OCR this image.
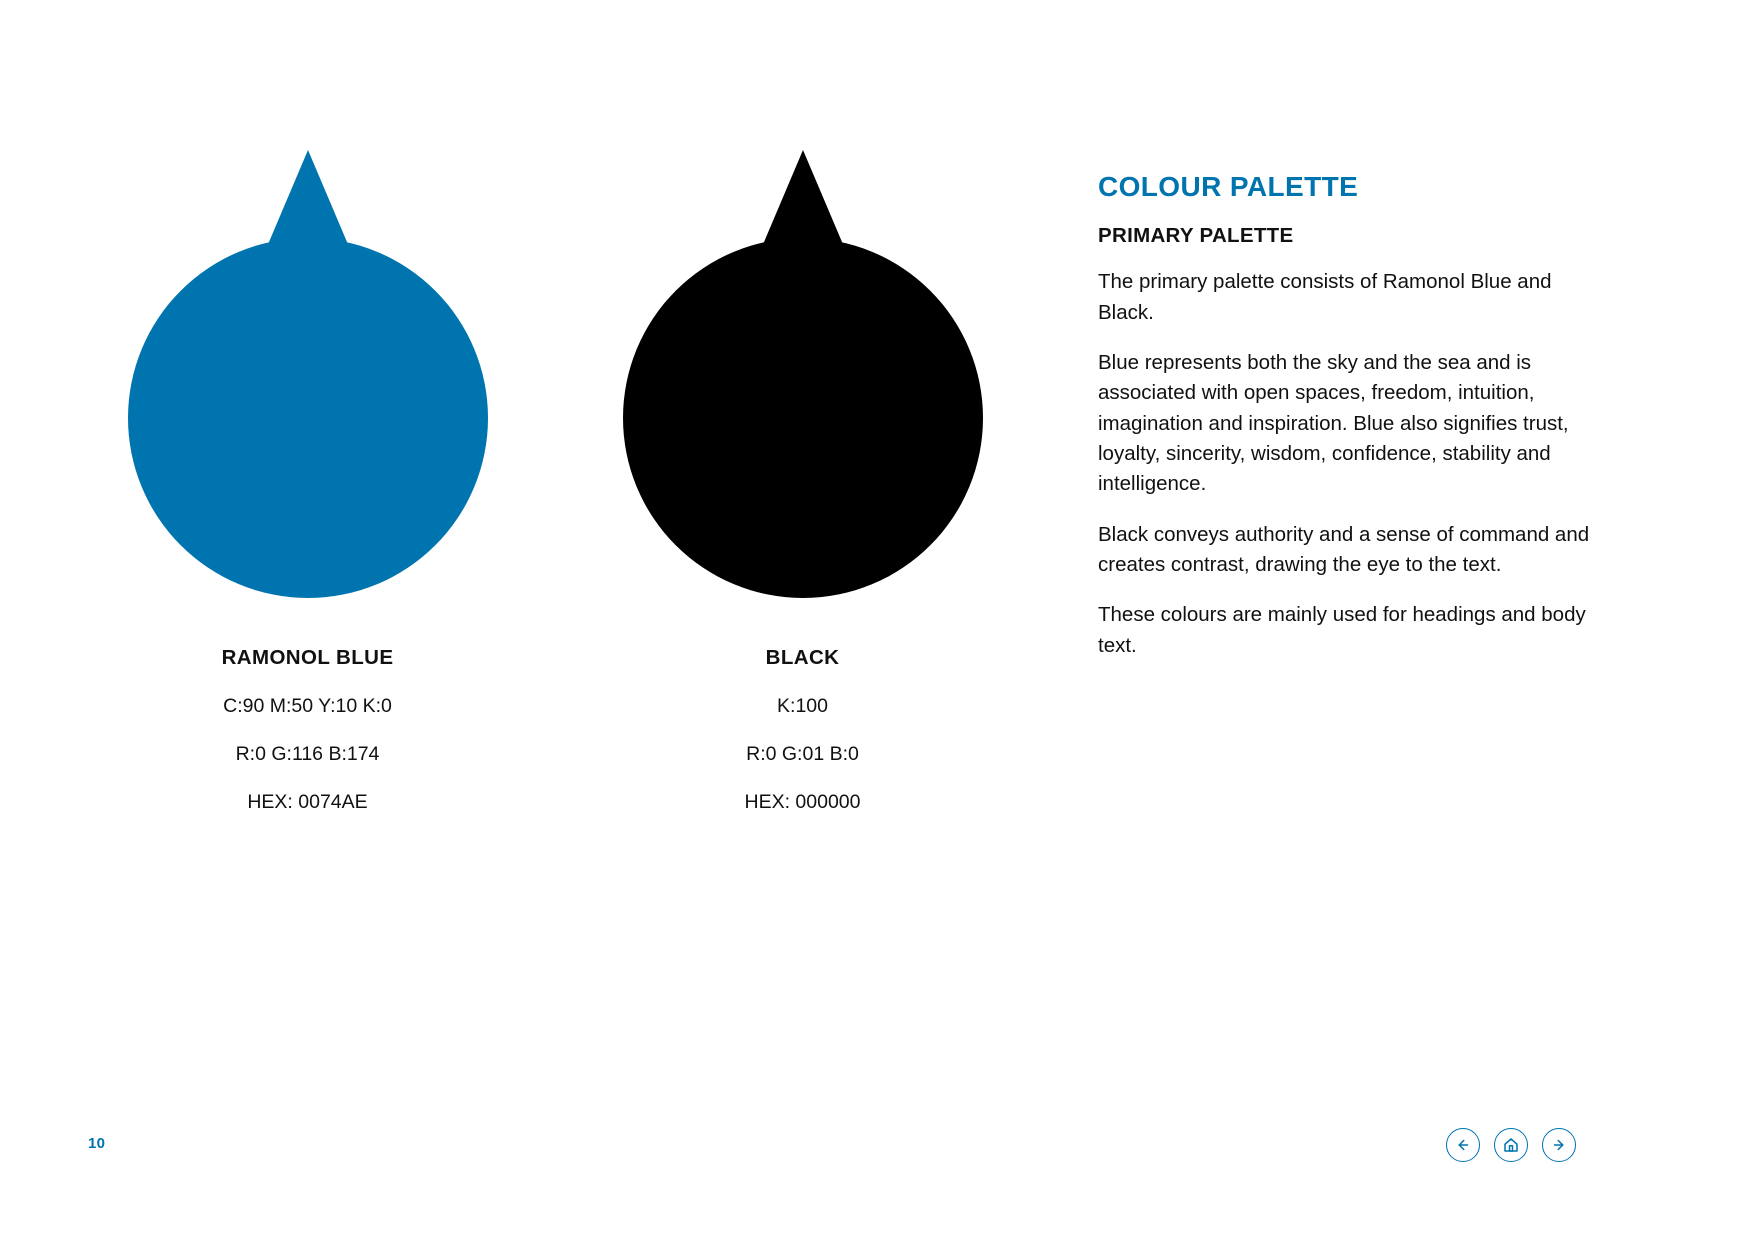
RAMONOL BLUE
C:90 M:50 Y:10 K:0
R:0 G:116 B:174
HEX: 0074AE
BLACK
K:100
R:0 G:01 B:0
HEX: 000000
COLOUR PALETTE
PRIMARY PALETTE

The primary palette consists of Ramonol Blue and Black.

Blue represents both the sky and the sea and is associated with open spaces, freedom, intuition, imagination and inspiration. Blue also signifies trust, loyalty, sincerity, wisdom, confidence, stability and intelligence.

Black conveys authority and a sense of command and creates contrast, drawing the eye to the text.

These colours are mainly used for headings and body text.

10
